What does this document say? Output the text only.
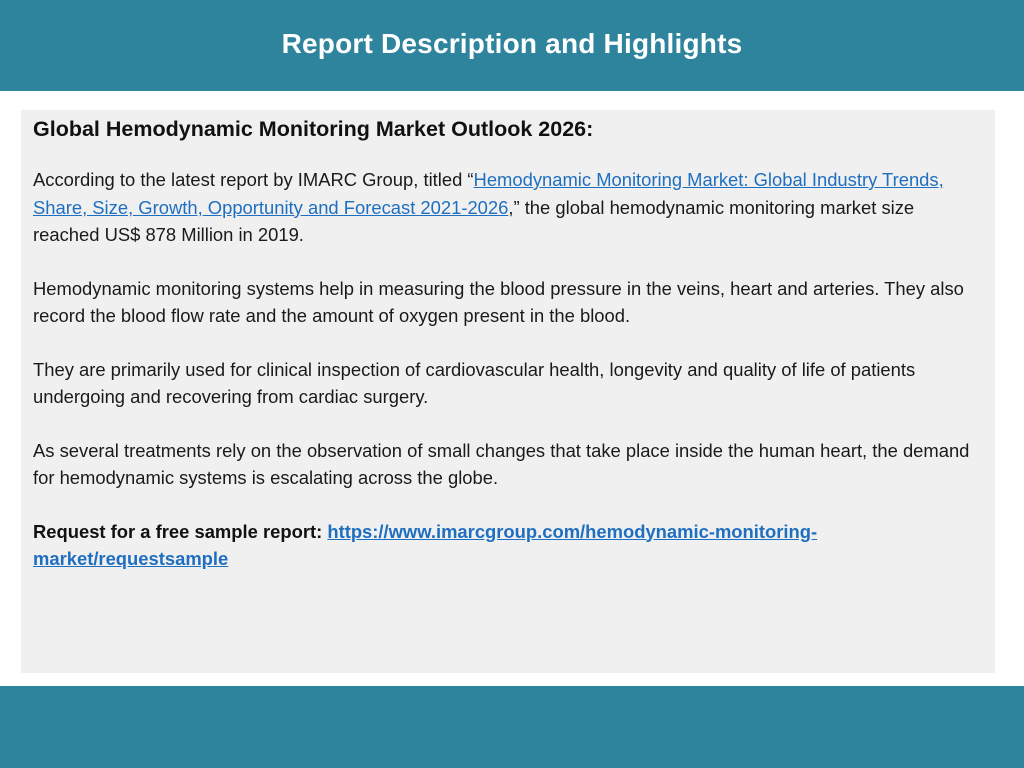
Report Description and Highlights
Global Hemodynamic Monitoring Market Outlook 2026:

According to the latest report by IMARC Group, titled “Hemodynamic Monitoring Market: Global Industry Trends, Share, Size, Growth, Opportunity and Forecast 2021-2026,” the global hemodynamic monitoring market size reached US$ 878 Million in 2019.

Hemodynamic monitoring systems help in measuring the blood pressure in the veins, heart and arteries. They also record the blood flow rate and the amount of oxygen present in the blood.

They are primarily used for clinical inspection of cardiovascular health, longevity and quality of life of patients undergoing and recovering from cardiac surgery.

As several treatments rely on the observation of small changes that take place inside the human heart, the demand for hemodynamic systems is escalating across the globe.

Request for a free sample report: https://www.imarcgroup.com/hemodynamic-monitoring-market/requestsample
